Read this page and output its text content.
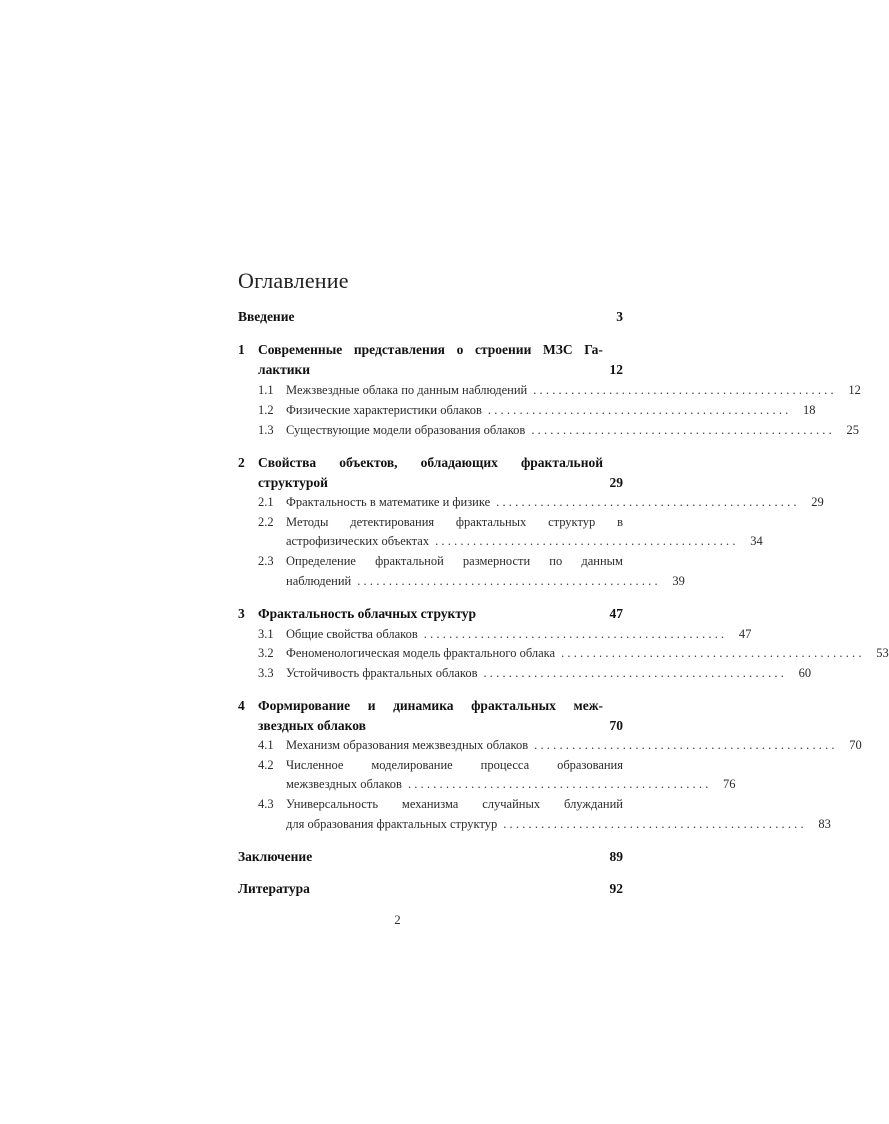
Оглавление
Введение	3
1 Современные представления о строении МЗС Га-
лактики	12
1.1 Межзвездные облака по данным наблюдений ................................................ 12
1.2 Физические характеристики облаков ................................................ 18
1.3 Существующие модели образования облаков ................................................ 25
2 Свойства объектов, обладающих фрактальной
структурой	29
2.1 Фрактальность в математике и физике ................................................ 29
2.2 Методы детектирования фрактальных структур в
астрофизических объектах ................................................ 34
2.3 Определение фрактальной размерности по данным
наблюдений ................................................ 39
3 Фрактальность облачных структур	47
3.1 Общие свойства облаков ................................................ 47
3.2 Феноменологическая модель фрактального облака ................................................ 53
3.3 Устойчивость фрактальных облаков ................................................ 60
4 Формирование и динамика фрактальных меж-
звездных облаков	70
4.1 Механизм образования межзвездных облаков ................................................ 70
4.2 Численное моделирование процесса образования
межзвездных облаков ................................................ 76
4.3 Универсальность механизма случайных блужданий
для образования фрактальных структур ................................................ 83
Заключение	89
Литература	92
2
